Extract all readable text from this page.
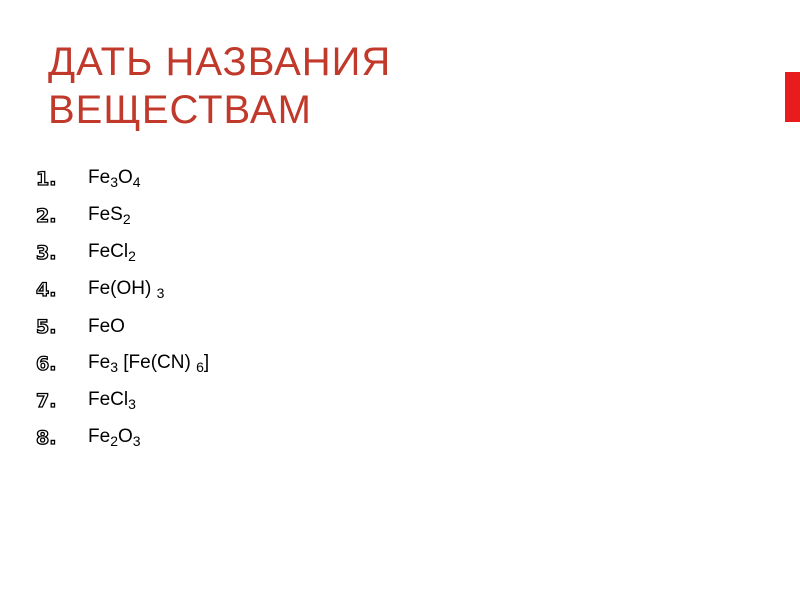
ДАТЬ НАЗВАНИЯ
ВЕЩЕСТВАМ
1.	$Fe_3O_4$
2.	FeS$_2$
3.	FeCl$_2$
4.	Fe(OH) $_3$
5.	FeO
6.	$Fe_3$ [Fe(CN) $_6$]
7.	FeCl$_3$
8.	$Fe_2O_3$
